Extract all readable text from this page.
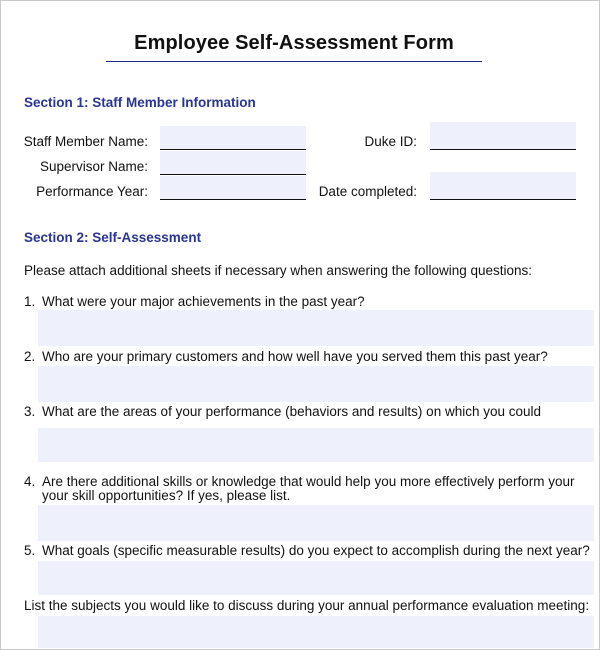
Employee Self-Assessment Form
Section 1: Staff Member Information
Staff Member Name:
Supervisor Name:
Performance Year:
Duke ID:
Date completed:
Section 2: Self-Assessment
Please attach additional sheets if necessary when answering the following questions:
1. What were your major achievements in the past year?
2. Who are your primary customers and how well have you served them this past year?
3. What are the areas of your performance (behaviors and results) on which you could
4. Are there additional skills or knowledge that would help you more effectively perform your
your skill opportunities? If yes, please list.
5. What goals (specific measurable results) do you expect to accomplish during the next year?
List the subjects you would like to discuss during your annual performance evaluation meeting:
